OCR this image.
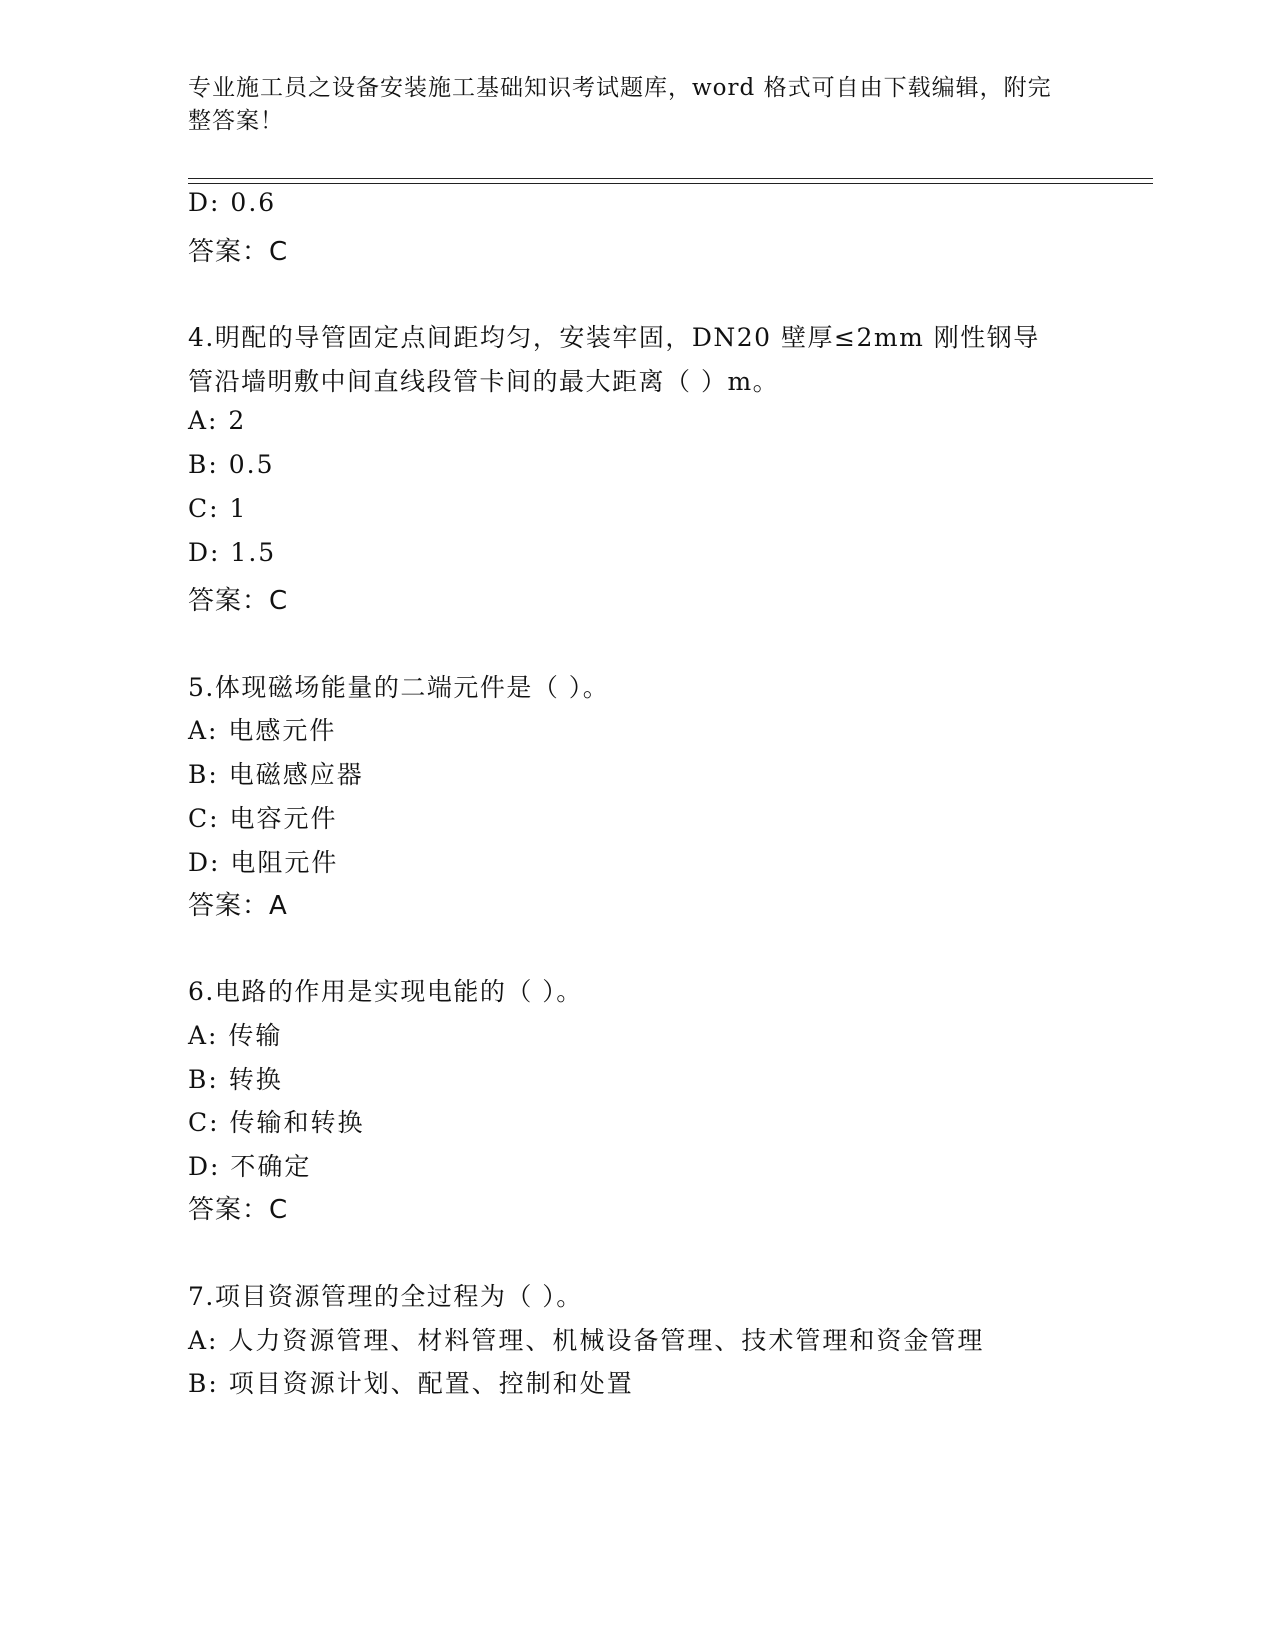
专业施工员之设备安装施工基础知识考试题库，word 格式可自由下载编辑，附完
整答案！
D: 0.6
答案：C
4.明配的导管固定点间距均匀，安装牢固，DN20 壁厚≤2mm 刚性钢导
管沿墙明敷中间直线段管卡间的最大距离（ ）m。
A: 2
B: 0.5
C: 1
D: 1.5
答案：C
5.体现磁场能量的二端元件是（ ）。
A: 电感元件
B: 电磁感应器
C: 电容元件
D: 电阻元件
答案：A
6.电路的作用是实现电能的（ ）。
A: 传输
B: 转换
C: 传输和转换
D: 不确定
答案：C
7.项目资源管理的全过程为（ ）。
A: 人力资源管理、材料管理、机械设备管理、技术管理和资金管理
B: 项目资源计划、配置、控制和处置
